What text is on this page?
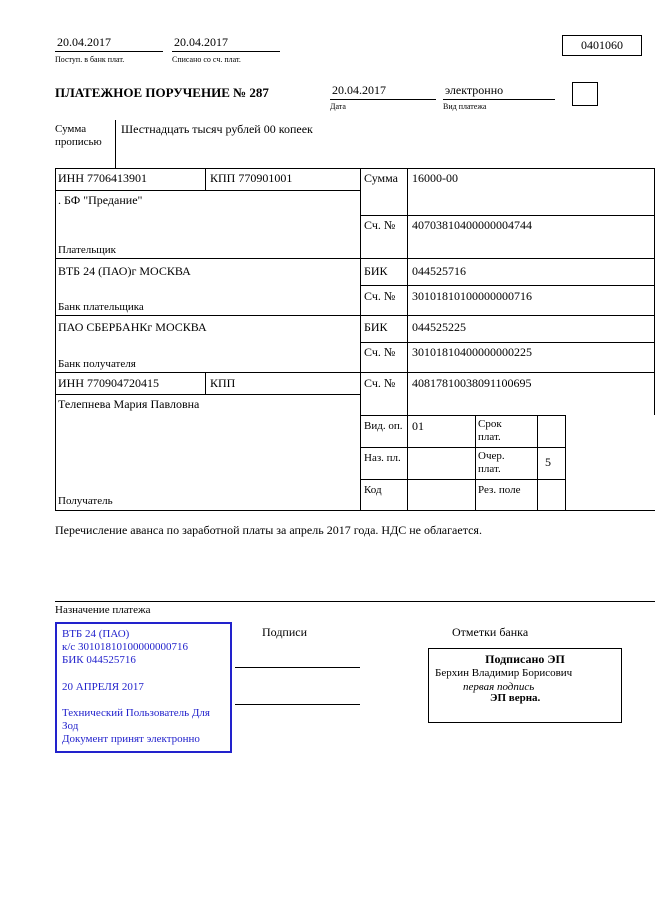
20.04.2017
Поступ. в банк плат.
20.04.2017
Списано со сч. плат.
0401060
ПЛАТЕЖНОЕ ПОРУЧЕНИЕ № 287	20.04.2017
Дата
электронно
Вид платежа
Сумма прописью
Шестнадцать тысяч рублей 00 копеек
ИНН 7706413901	КПП 770901001	Сумма 16000-00
. БФ "Предание"
Сч. № 40703810400000004744
Плательщик
ВТБ 24 (ПАО)г МОСКВА	БИК 044525716
Сч. № 30101810100000000716
Банк плательщика
ПАО СБЕРБАНКг МОСКВА	БИК 044525225
Сч. № 30101810400000000225
Банк получателя
ИНН 770904720415	КПП	Сч. № 40817810038091100695
Телепнева Мария Павловна
Получатель
Вид. оп. 01	Срок плат.
Наз. пл.	Очер. плат.	5
Код	Рез. поле
Перечисление аванса по заработной платы за апрель 2017 года. НДС не облагается.
Назначение платежа
ВТБ 24 (ПАО)
к/с 30101810100000000716
БИК 044525716
20 АПРЕЛЯ 2017
Технический Пользователь Для Зод
Документ принят электронно
Подписи	Отметки банка
Подписано ЭП
Берхин Владимир Борисович
первая подпись
ЭП верна.
